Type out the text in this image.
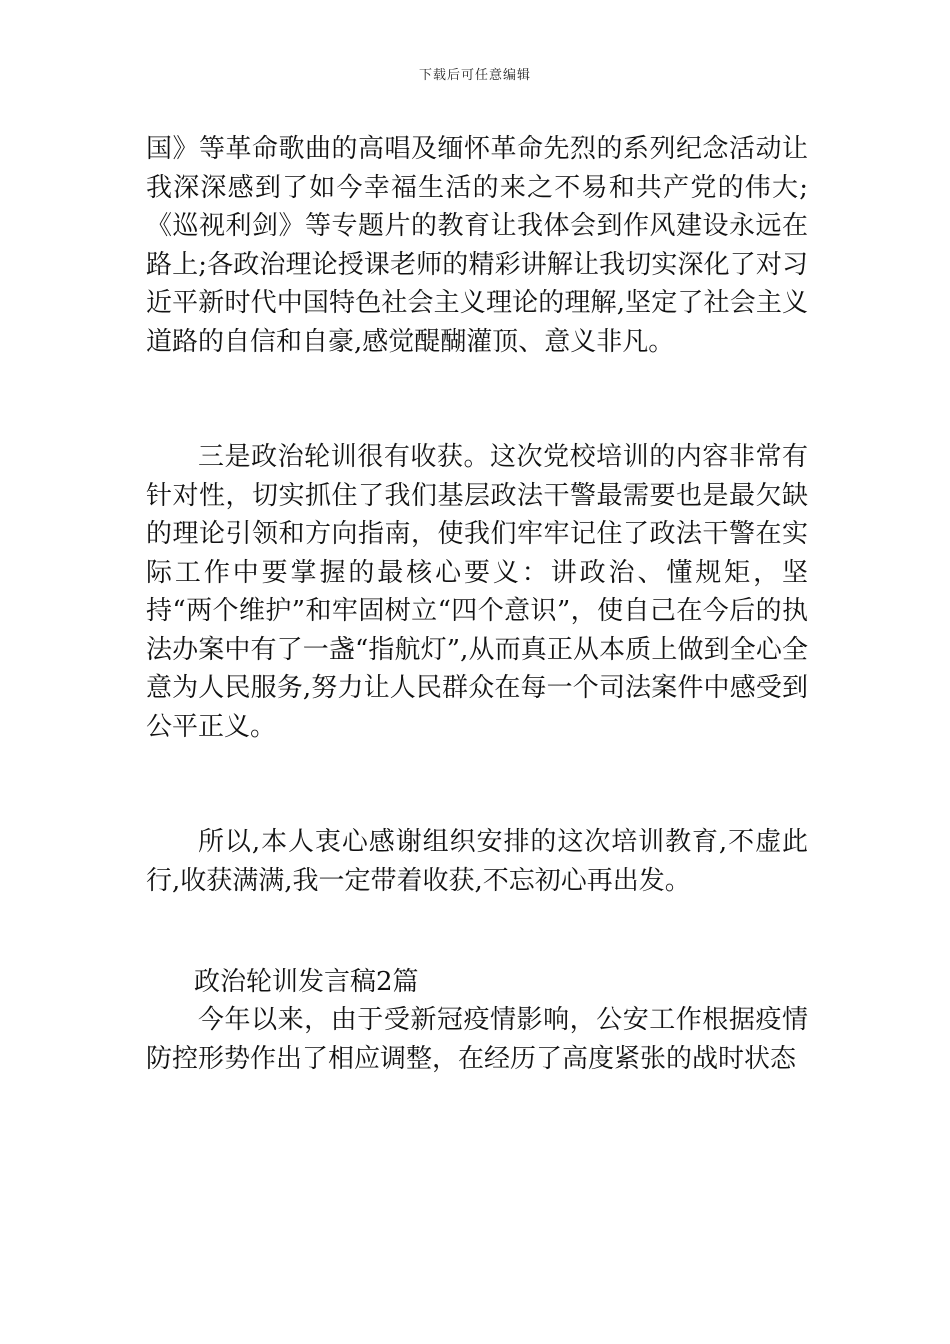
下载后可任意编辑

国》等革命歌曲的高唱及缅怀革命先烈的系列纪念活动让我深深感到了如今幸福生活的来之不易和共产党的伟大;《巡视利剑》等专题片的教育让我体会到作风建设永远在路上;各政治理论授课老师的精彩讲解让我切实深化了对习近平新时代中国特色社会主义理论的理解,坚定了社会主义道路的自信和自豪,感觉醍醐灌顶、意义非凡。

三是政治轮训很有收获。这次党校培训的内容非常有针对性，切实抓住了我们基层政法干警最需要也是最欠缺的理论引领和方向指南，使我们牢牢记住了政法干警在实际工作中要掌握的最核心要义：讲政治、懂规矩，坚持“两个维护”和牢固树立“四个意识”，使自己在今后的执法办案中有了一盏“指航灯”,从而真正从本质上做到全心全意为人民服务,努力让人民群众在每一个司法案件中感受到公平正义。

所以,本人衷心感谢组织安排的这次培训教育,不虚此行,收获满满,我一定带着收获,不忘初心再出发。

政治轮训发言稿2篇

今年以来，由于受新冠疫情影响，公安工作根据疫情防控形势作出了相应调整，在经历了高度紧张的战时状态
